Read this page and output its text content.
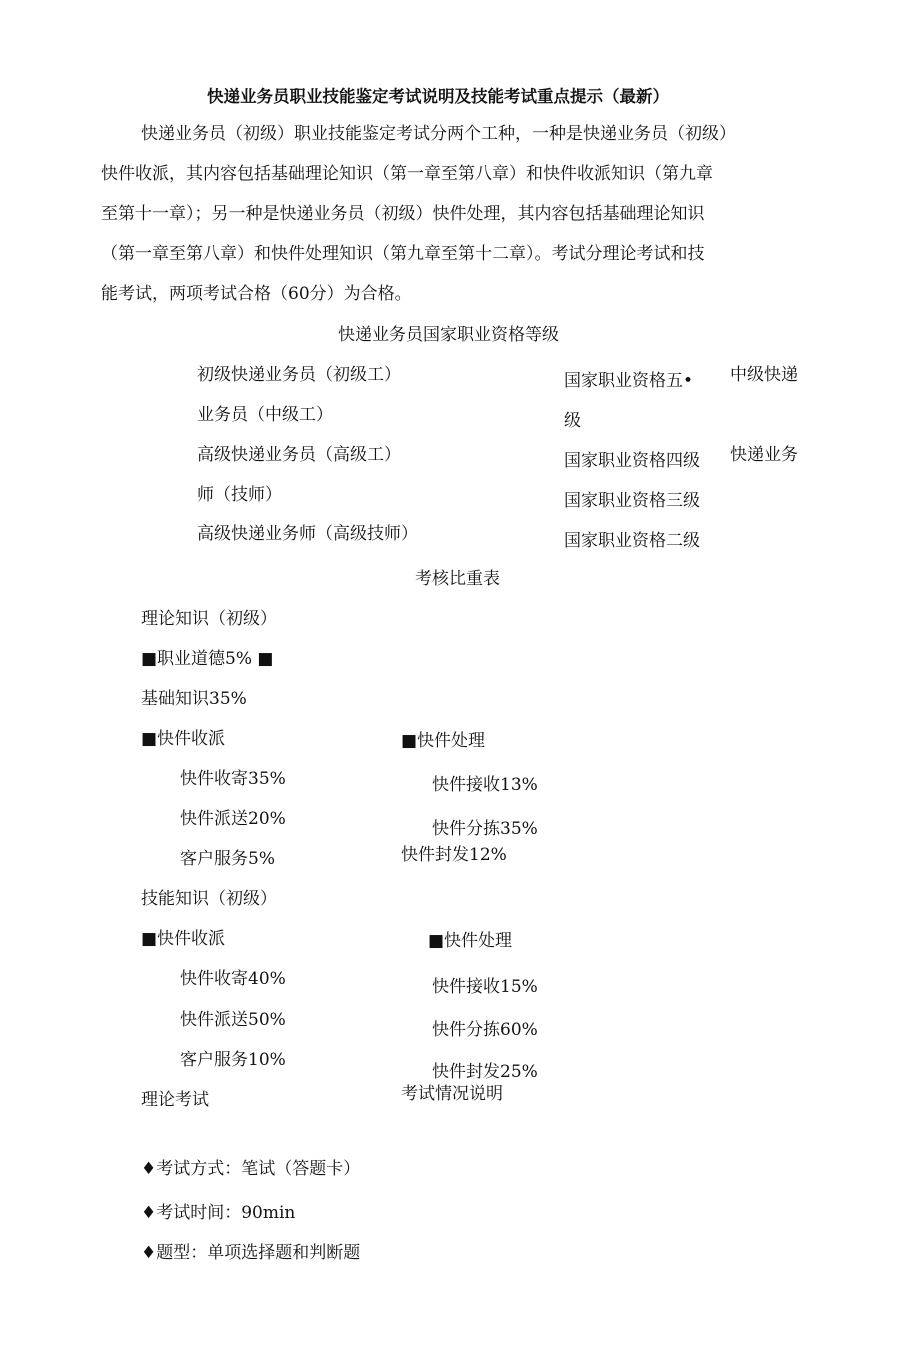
快递业务员职业技能鉴定考试说明及技能考试重点提示（最新）
快递业务员（初级）职业技能鉴定考试分两个工种，一种是快递业务员（初级）
快件收派，其内容包括基础理论知识（第一章至第八章）和快件收派知识（第九章
至第十一章）；另一种是快递业务员（初级）快件处理，其内容包括基础理论知识
（第一章至第八章）和快件处理知识（第九章至第十二章）。考试分理论考试和技
能考试，两项考试合格（60分）为合格。
快递业务员国家职业资格等级
初级快递业务员（初级工）
业务员（中级工）
高级快递业务员（高级工）
师（技师）
高级快递业务师（高级技师）
国家职业资格五•
级
国家职业资格四级
国家职业资格三级
国家职业资格二级
中级快递
快递业务
考核比重表
理论知识（初级）
■职业道德5% ■
基础知识35%
■快件收派
快件收寄35%
快件派送20%
客户服务5%
■快件处理
快件接收13%
快件分拣35%
快件封发12%
技能知识（初级）
■快件收派
快件收寄40%
快件派送50%
客户服务10%
■快件处理
快件接收15%
快件分拣60%
快件封发25%
理论考试	考试情况说明
♦考试方式：笔试（答题卡）
♦考试时间：90min
♦题型：单项选择题和判断题
